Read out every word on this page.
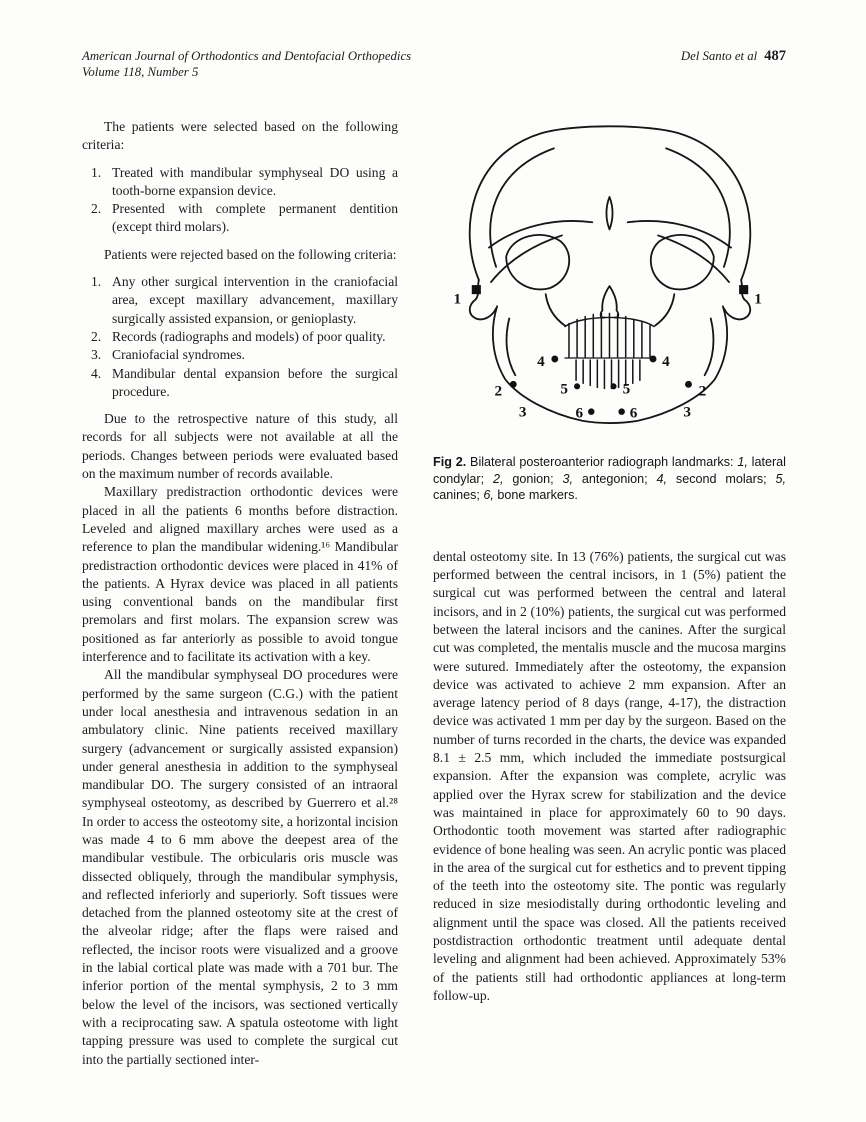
American Journal of Orthodontics and Dentofacial Orthopedics
Volume 118, Number 5
Del Santo et al 487

The patients were selected based on the following criteria:

1. Treated with mandibular symphyseal DO using a tooth-borne expansion device.
2. Presented with complete permanent dentition (except third molars).

Patients were rejected based on the following criteria:

1. Any other surgical intervention in the craniofacial area, except maxillary advancement, maxillary surgically assisted expansion, or genioplasty.
2. Records (radiographs and models) of poor quality.
3. Craniofacial syndromes.
4. Mandibular dental expansion before the surgical procedure.

Due to the retrospective nature of this study, all records for all subjects were not available at all the periods. Changes between periods were evaluated based on the maximum number of records available.

Maxillary predistraction orthodontic devices were placed in all the patients 6 months before distraction. Leveled and aligned maxillary arches were used as a reference to plan the mandibular widening.¹⁶ Mandibular predistraction orthodontic devices were placed in 41% of the patients. A Hyrax device was placed in all patients using conventional bands on the mandibular first premolars and first molars. The expansion screw was positioned as far anteriorly as possible to avoid tongue interference and to facilitate its activation with a key.

All the mandibular symphyseal DO procedures were performed by the same surgeon (C.G.) with the patient under local anesthesia and intravenous sedation in an ambulatory clinic. Nine patients received maxillary surgery (advancement or surgically assisted expansion) under general anesthesia in addition to the symphyseal mandibular DO. The surgery consisted of an intraoral symphyseal osteotomy, as described by Guerrero et al.²⁸ In order to access the osteotomy site, a horizontal incision was made 4 to 6 mm above the deepest area of the mandibular vestibule. The orbicularis oris muscle was dissected obliquely, through the mandibular symphysis, and reflected inferiorly and superiorly. Soft tissues were detached from the planned osteotomy site at the crest of the alveolar ridge; after the flaps were raised and reflected, the incisor roots were visualized and a groove in the labial cortical plate was made with a 701 bur. The inferior portion of the mental symphysis, 2 to 3 mm below the level of the incisors, was sectioned vertically with a reciprocating saw. A spatula osteotome with light tapping pressure was used to complete the surgical cut into the partially sectioned inter-

1	1
4	4
5	5
2	2
3	3
6	6
Fig 2. Bilateral posteroanterior radiograph landmarks: 1, lateral condylar; 2, gonion; 3, antegonion; 4, second molars; 5, canines; 6, bone markers.

dental osteotomy site. In 13 (76%) patients, the surgical cut was performed between the central incisors, in 1 (5%) patient the surgical cut was performed between the central and lateral incisors, and in 2 (10%) patients, the surgical cut was performed between the lateral incisors and the canines. After the surgical cut was completed, the mentalis muscle and the mucosa margins were sutured. Immediately after the osteotomy, the expansion device was activated to achieve 2 mm expansion. After an average latency period of 8 days (range, 4-17), the distraction device was activated 1 mm per day by the surgeon. Based on the number of turns recorded in the charts, the device was expanded 8.1 ± 2.5 mm, which included the immediate postsurgical expansion. After the expansion was complete, acrylic was applied over the Hyrax screw for stabilization and the device was maintained in place for approximately 60 to 90 days. Orthodontic tooth movement was started after radiographic evidence of bone healing was seen. An acrylic pontic was placed in the area of the surgical cut for esthetics and to prevent tipping of the teeth into the osteotomy site. The pontic was regularly reduced in size mesiodistally during orthodontic leveling and alignment until the space was closed. All the patients received postdistraction orthodontic treatment until adequate dental leveling and alignment had been achieved. Approximately 53% of the patients still had orthodontic appliances at long-term follow-up.
